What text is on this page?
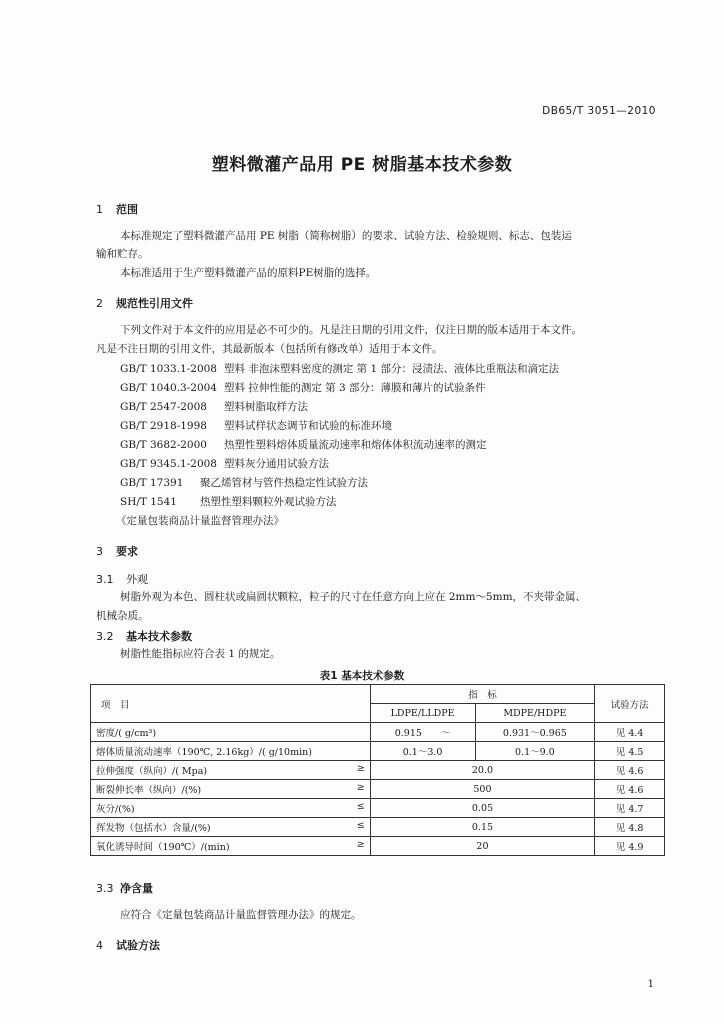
DB65/T 3051—2010
塑料微灌产品用 PE 树脂基本技术参数
1 范围
本标准规定了塑料微灌产品用 PE 树脂（简称树脂）的要求、试验方法、检验规则、标志、包装运
输和贮存。
本标准适用于生产塑料微灌产品的原料PE树脂的选择。
2 规范性引用文件
下列文件对于本文件的应用是必不可少的。凡是注日期的引用文件，仅注日期的版本适用于本文件。
凡是不注日期的引用文件，其最新版本（包括所有修改单）适用于本文件。
GB/T 1033.1-2008 塑料 非泡沫塑料密度的测定 第 1 部分：浸渍法、液体比重瓶法和滴定法
GB/T 1040.3-2004 塑料 拉伸性能的测定 第 3 部分：薄膜和薄片的试验条件
GB/T 2547-2008 塑料树脂取样方法
GB/T 2918-1998 塑料试样状态调节和试验的标准环境
GB/T 3682-2000 热塑性塑料熔体质量流动速率和熔体体积流动速率的测定
GB/T 9345.1-2008 塑料灰分通用试验方法
GB/T 17391 聚乙烯管材与管件热稳定性试验方法
SH/T 1541 热塑性塑料颗粒外观试验方法
《定量包装商品计量监督管理办法》
3 要求
3.1 外观
树脂外观为本色、圆柱状或扁圆状颗粒，粒子的尺寸在任意方向上应在 2mm～5mm，不夹带金属、
机械杂质。
3.2 基本技术参数
树脂性能指标应符合表 1 的规定。
表1 基本技术参数
项　目	指　标		试验方法
	LDPE/LLDPE	MDPE/HDPE	
密度/( g/cm³)	0.915　　～	0.931～0.965	见 4.4
熔体质量流动速率（190℃, 2.16kg）/( g/10min)	0.1～3.0	0.1～9.0	见 4.5
拉伸强度（纵向）/( Mpa) ≥	20.0		见 4.6
断裂伸长率（纵向）/(%) ≥	500		见 4.6
灰分/(%) ≤	0.05		见 4.7
挥发物（包括水）含量/(%) ≤	0.15		见 4.8
氧化诱导时间（190℃）/(min) ≥	20		见 4.9
3.3 净含量
应符合《定量包装商品计量监督管理办法》的规定。
4 试验方法
1
